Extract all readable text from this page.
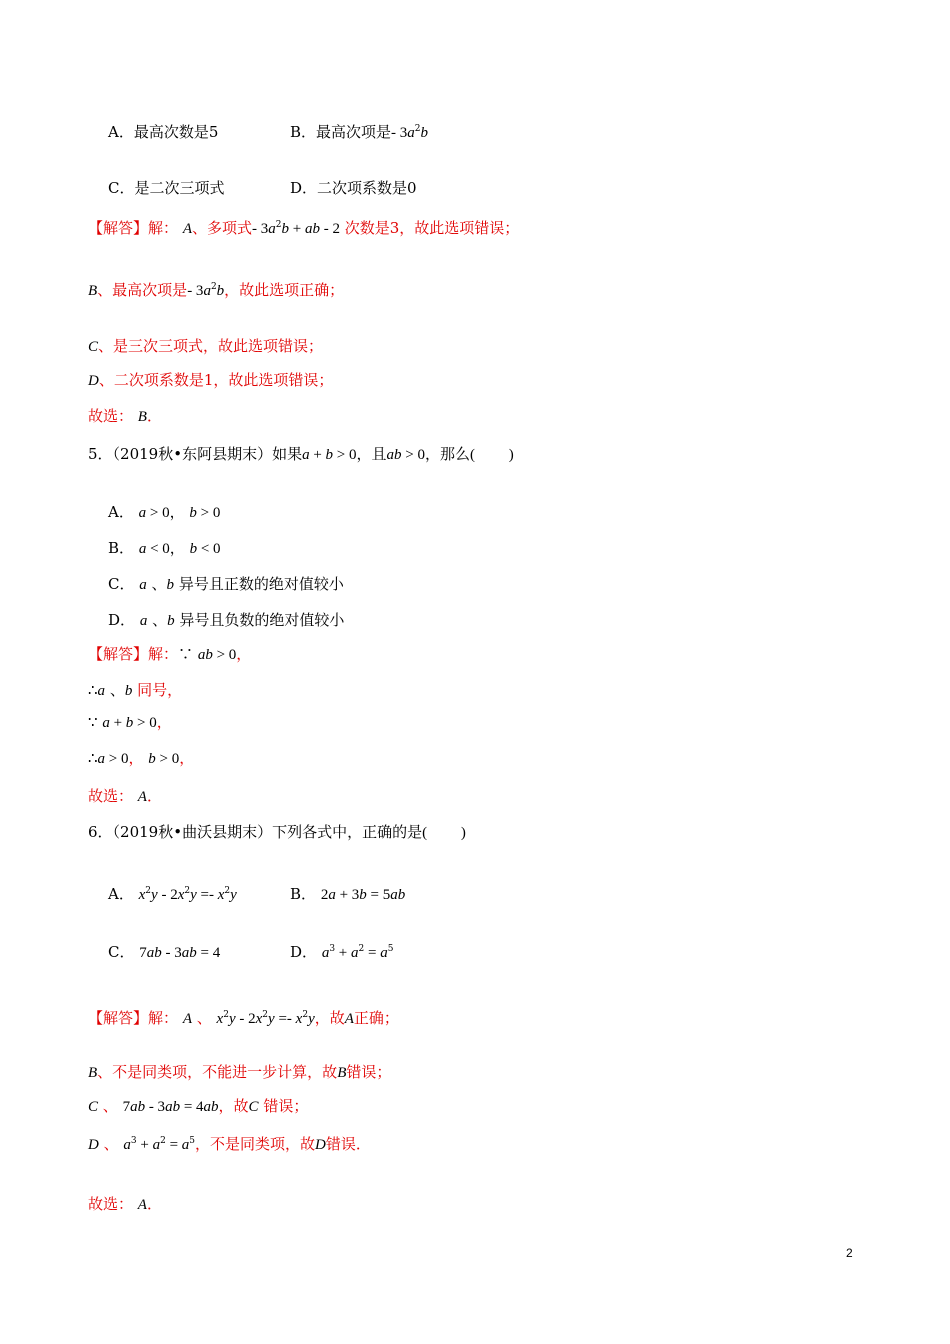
A．最高次数是5	B．最高次项是‐ $3a^2b$
C．是二次三项式	D．二次项系数是0
【解答】解： A、多项式‐ $3a^2b$ + ab ‐ 2 次数是3，故此选项错误；
B、最高次项是‐ $3a^2b$，故此选项正确；
C、是三次三项式，故此选项错误；
D、二次项系数是1，故此选项错误；
故选： B．
5．（2019秋•东阿县期末）如果a + b > 0，且ab > 0，那么(         )
A． a > 0， b > 0
B． a < 0， b < 0
C． a 、b 异号且正数的绝对值较小
D． a 、b 异号且负数的绝对值较小
【解答】解：∵ ab > 0，
∴a 、b 同号，
∵ a + b > 0，
∴a > 0， b > 0，
故选： A．
6．（2019秋•曲沃县期末）下列各式中，正确的是(         )
A． $x^2y$ ‐ $2x^2y$ =‐ $x^2y$	B． 2a + 3b = 5ab
C． 7ab ‐ 3ab = 4	D． $a^3 + a^2 = a^5$
【解答】解： A 、 $x^2y$ ‐ $2x^2y$ =‐ $x^2y$，故A正确；
B、不是同类项，不能进一步计算，故B错误；
C 、 7ab ‐ 3ab = 4ab，故C 错误；
D 、 $a^3 + a^2 = a^5$，不是同类项，故D错误．
故选： A．
2
